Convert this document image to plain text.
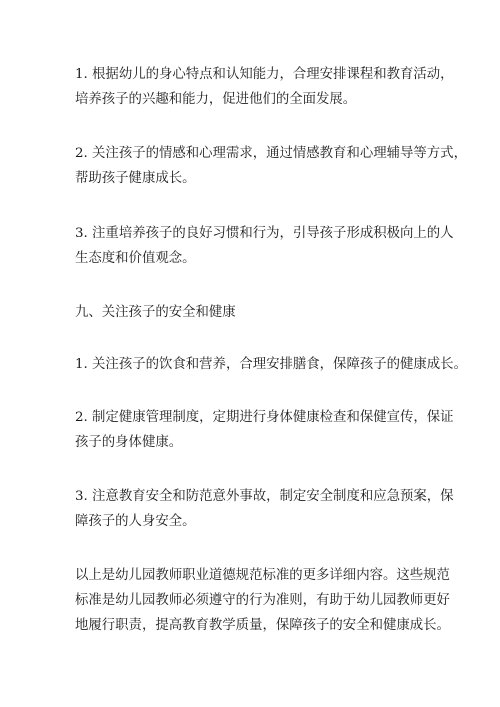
1. 根据幼儿的身心特点和认知能力，合理安排课程和教育活动，
培养孩子的兴趣和能力，促进他们的全面发展。

2. 关注孩子的情感和心理需求，通过情感教育和心理辅导等方式，
帮助孩子健康成长。

3. 注重培养孩子的良好习惯和行为，引导孩子形成积极向上的人
生态度和价值观念。

九、关注孩子的安全和健康

1. 关注孩子的饮食和营养，合理安排膳食，保障孩子的健康成长。

2. 制定健康管理制度，定期进行身体健康检查和保健宣传，保证
孩子的身体健康。

3. 注意教育安全和防范意外事故，制定安全制度和应急预案，保
障孩子的人身安全。

以上是幼儿园教师职业道德规范标准的更多详细内容。这些规范
标准是幼儿园教师必须遵守的行为准则，有助于幼儿园教师更好
地履行职责，提高教育教学质量，保障孩子的安全和健康成长。
